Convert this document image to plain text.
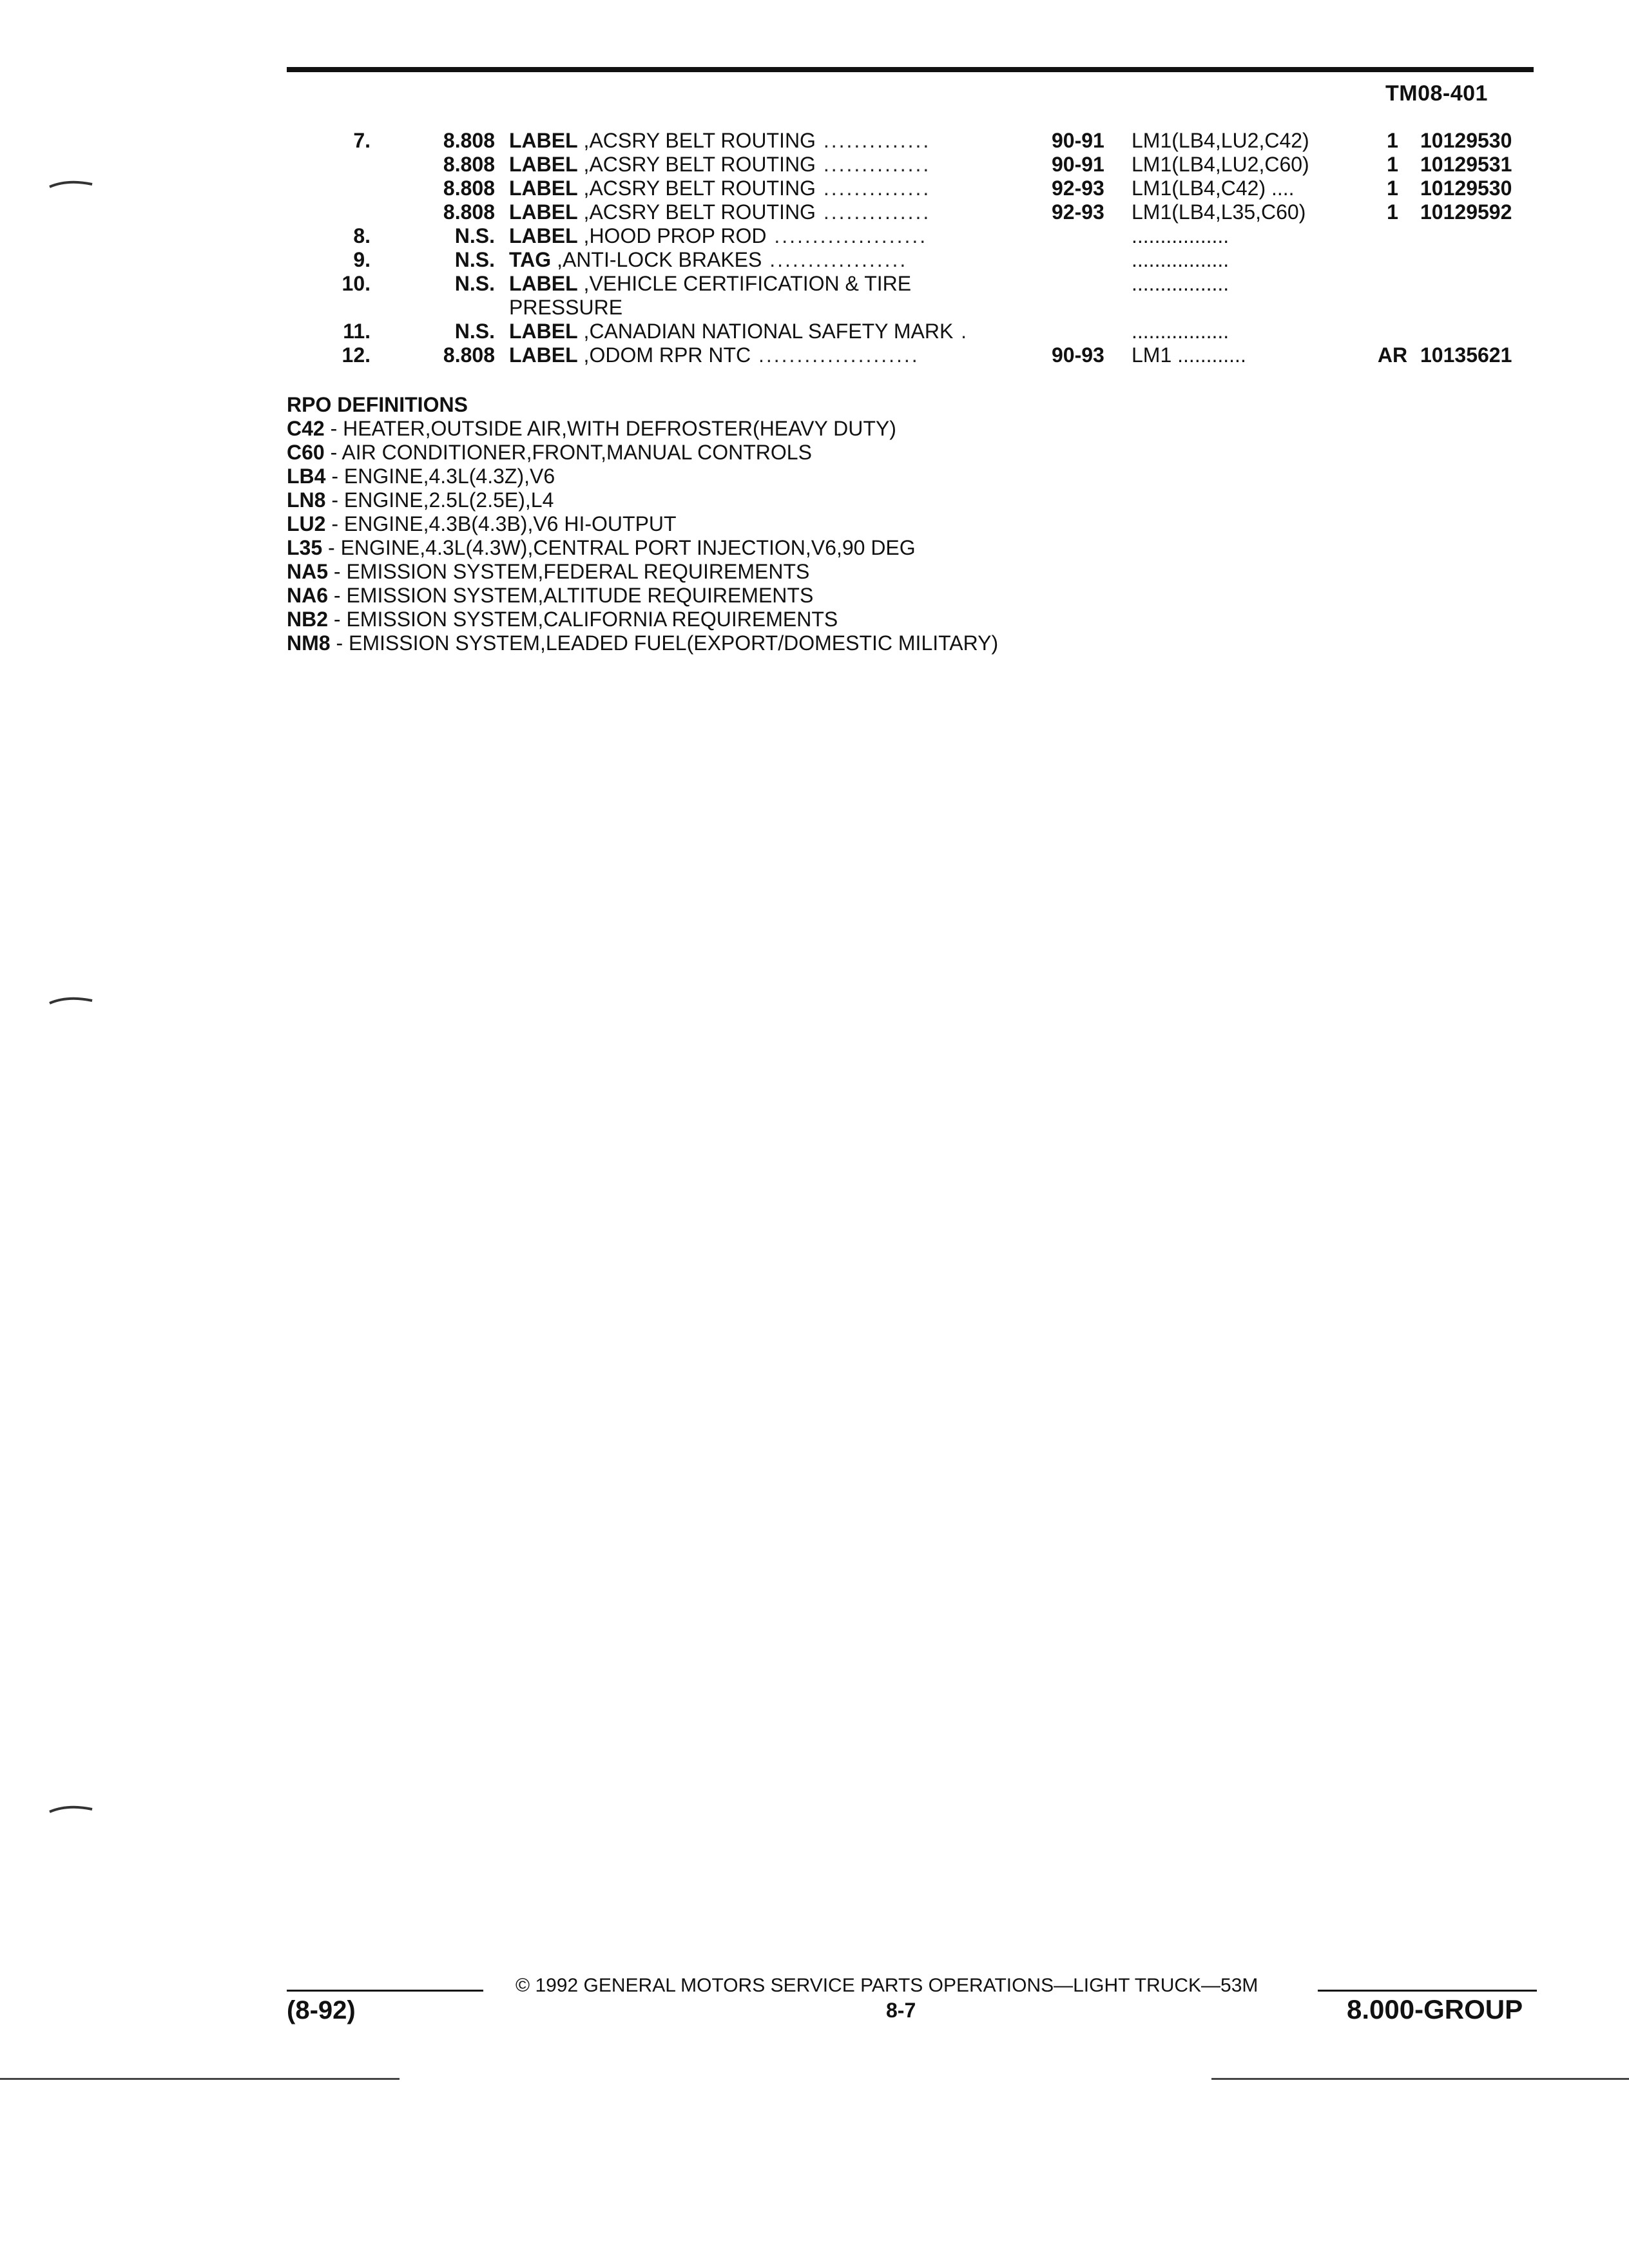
TM08-401
7.	8.808	LABEL ,ACSRY BELT ROUTING ..............	90-91	LM1(LB4,LU2,C42)	1	10129530
	8.808	LABEL ,ACSRY BELT ROUTING ..............	90-91	LM1(LB4,LU2,C60)	1	10129531
	8.808	LABEL ,ACSRY BELT ROUTING ..............	92-93	LM1(LB4,C42) ....	1	10129530
	8.808	LABEL ,ACSRY BELT ROUTING ..............	92-93	LM1(LB4,L35,C60)	1	10129592
8.	N.S.	LABEL ,HOOD PROP ROD ....................		.................		
9.	N.S.	TAG ,ANTI-LOCK BRAKES ..................		.................		
10.	N.S.	LABEL ,VEHICLE CERTIFICATION & TIRE		.................		
		PRESSURE				
11.	N.S.	LABEL ,CANADIAN NATIONAL SAFETY MARK .		.................		
12.	8.808	LABEL ,ODOM RPR NTC .....................	90-93	LM1 ............	AR	10135621
RPO DEFINITIONS
C42 - HEATER,OUTSIDE AIR,WITH DEFROSTER(HEAVY DUTY)
C60 - AIR CONDITIONER,FRONT,MANUAL CONTROLS
LB4 - ENGINE,4.3L(4.3Z),V6
LN8 - ENGINE,2.5L(2.5E),L4
LU2 - ENGINE,4.3B(4.3B),V6 HI-OUTPUT
L35 - ENGINE,4.3L(4.3W),CENTRAL PORT INJECTION,V6,90 DEG
NA5 - EMISSION SYSTEM,FEDERAL REQUIREMENTS
NA6 - EMISSION SYSTEM,ALTITUDE REQUIREMENTS
NB2 - EMISSION SYSTEM,CALIFORNIA REQUIREMENTS
NM8 - EMISSION SYSTEM,LEADED FUEL(EXPORT/DOMESTIC MILITARY)
© 1992 GENERAL MOTORS SERVICE PARTS OPERATIONS—LIGHT TRUCK—53M
(8-92)	8-7	8.000-GROUP
